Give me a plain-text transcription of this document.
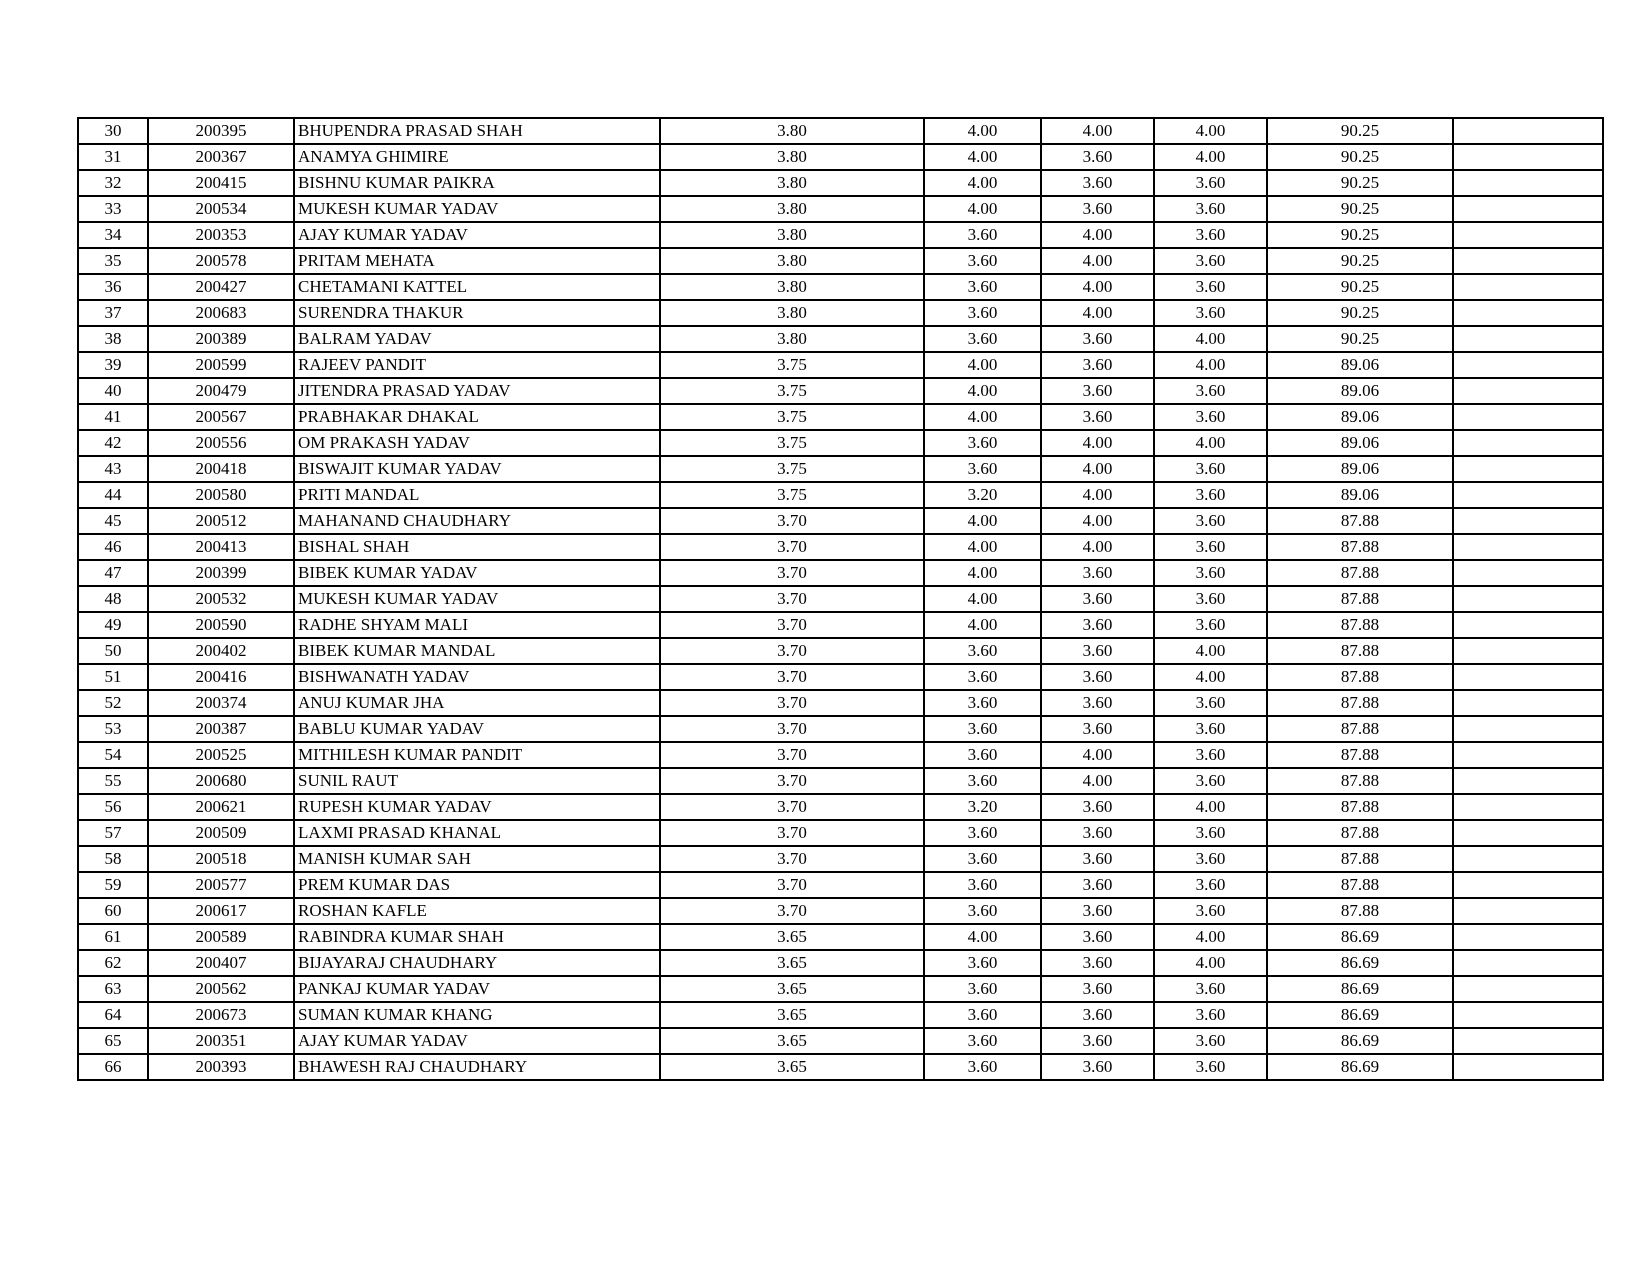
30	200395	BHUPENDRA PRASAD SHAH	3.80	4.00	4.00	4.00	90.25	
31	200367	ANAMYA GHIMIRE	3.80	4.00	3.60	4.00	90.25	
32	200415	BISHNU KUMAR PAIKRA	3.80	4.00	3.60	3.60	90.25	
33	200534	MUKESH KUMAR YADAV	3.80	4.00	3.60	3.60	90.25	
34	200353	AJAY KUMAR YADAV	3.80	3.60	4.00	3.60	90.25	
35	200578	PRITAM MEHATA	3.80	3.60	4.00	3.60	90.25	
36	200427	CHETAMANI KATTEL	3.80	3.60	4.00	3.60	90.25	
37	200683	SURENDRA THAKUR	3.80	3.60	4.00	3.60	90.25	
38	200389	BALRAM YADAV	3.80	3.60	3.60	4.00	90.25	
39	200599	RAJEEV PANDIT	3.75	4.00	3.60	4.00	89.06	
40	200479	JITENDRA PRASAD YADAV	3.75	4.00	3.60	3.60	89.06	
41	200567	PRABHAKAR DHAKAL	3.75	4.00	3.60	3.60	89.06	
42	200556	OM PRAKASH YADAV	3.75	3.60	4.00	4.00	89.06	
43	200418	BISWAJIT KUMAR YADAV	3.75	3.60	4.00	3.60	89.06	
44	200580	PRITI MANDAL	3.75	3.20	4.00	3.60	89.06	
45	200512	MAHANAND CHAUDHARY	3.70	4.00	4.00	3.60	87.88	
46	200413	BISHAL SHAH	3.70	4.00	4.00	3.60	87.88	
47	200399	BIBEK KUMAR YADAV	3.70	4.00	3.60	3.60	87.88	
48	200532	MUKESH KUMAR YADAV	3.70	4.00	3.60	3.60	87.88	
49	200590	RADHE SHYAM MALI	3.70	4.00	3.60	3.60	87.88	
50	200402	BIBEK KUMAR MANDAL	3.70	3.60	3.60	4.00	87.88	
51	200416	BISHWANATH YADAV	3.70	3.60	3.60	4.00	87.88	
52	200374	ANUJ KUMAR JHA	3.70	3.60	3.60	3.60	87.88	
53	200387	BABLU KUMAR YADAV	3.70	3.60	3.60	3.60	87.88	
54	200525	MITHILESH KUMAR PANDIT	3.70	3.60	4.00	3.60	87.88	
55	200680	SUNIL RAUT	3.70	3.60	4.00	3.60	87.88	
56	200621	RUPESH KUMAR YADAV	3.70	3.20	3.60	4.00	87.88	
57	200509	LAXMI PRASAD KHANAL	3.70	3.60	3.60	3.60	87.88	
58	200518	MANISH KUMAR SAH	3.70	3.60	3.60	3.60	87.88	
59	200577	PREM KUMAR DAS	3.70	3.60	3.60	3.60	87.88	
60	200617	ROSHAN KAFLE	3.70	3.60	3.60	3.60	87.88	
61	200589	RABINDRA KUMAR SHAH	3.65	4.00	3.60	4.00	86.69	
62	200407	BIJAYARAJ CHAUDHARY	3.65	3.60	3.60	4.00	86.69	
63	200562	PANKAJ KUMAR YADAV	3.65	3.60	3.60	3.60	86.69	
64	200673	SUMAN KUMAR KHANG	3.65	3.60	3.60	3.60	86.69	
65	200351	AJAY KUMAR YADAV	3.65	3.60	3.60	3.60	86.69	
66	200393	BHAWESH RAJ CHAUDHARY	3.65	3.60	3.60	3.60	86.69	
